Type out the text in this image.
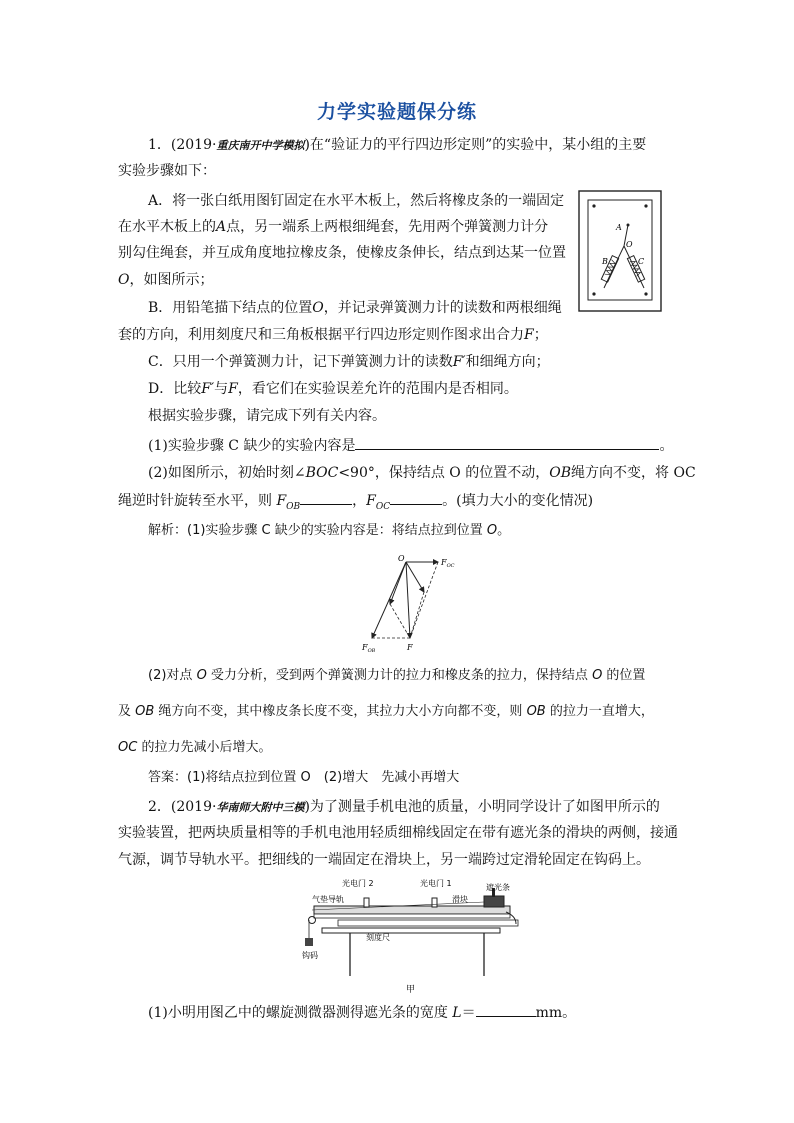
力学实验题保分练
1．(2019·重庆南开中学模拟)在“验证力的平行四边形定则”的实验中，某小组的主要
实验步骤如下：
A．将一张白纸用图钉固定在水平木板上，然后将橡皮条的一端固定
在水平木板上的A点，另一端系上两根细绳套，先用两个弹簧测力计分
别勾住绳套，并互成角度地拉橡皮条，使橡皮条伸长，结点到达某一位置
O，如图所示；
B．用铅笔描下结点的位置O，并记录弹簧测力计的读数和两根细绳
套的方向，利用刻度尺和三角板根据平行四边形定则作图求出合力F；
C．只用一个弹簧测力计，记下弹簧测力计的读数F′和细绳方向；
D．比较F′与F，看它们在实验误差允许的范围内是否相同。
根据实验步骤，请完成下列有关内容。
(1)实验步骤 C 缺少的实验内容是	。
(2)如图所示，初始时刻∠BOC<90°，保持结点 O 的位置不动，OB绳方向不变，将 OC
绳逆时针旋转至水平，则 $F_{OB}$	，$F_{OC}$	。(填力大小的变化情况)
解析：(1)实验步骤 C 缺少的实验内容是：将结点拉到位置 O。
A
O
B	C
O	$F_{OC}$
$F_{OB}$	F
(2)对点 O 受力分析，受到两个弹簧测力计的拉力和橡皮条的拉力，保持结点 O 的位置
及 OB 绳方向不变，其中橡皮条长度不变，其拉力大小方向都不变，则 OB 的拉力一直增大，
OC 的拉力先减小后增大。
答案：(1)将结点拉到位置 O　(2)增大　先减小再增大
2．(2019·华南师大附中三模)为了测量手机电池的质量，小明同学设计了如图甲所示的
实验装置，把两块质量相等的手机电池用轻质细棉线固定在带有遮光条的滑块的两侧，接通
气源，调节导轨水平。把细线的一端固定在滑块上，另一端跨过定滑轮固定在钩码上。
光电门 2	光电门 1	遮光条
气垫导轨	滑块
刻度尺
钩码
甲
(1)小明用图乙中的螺旋测微器测得遮光条的宽度 L＝	mm。
